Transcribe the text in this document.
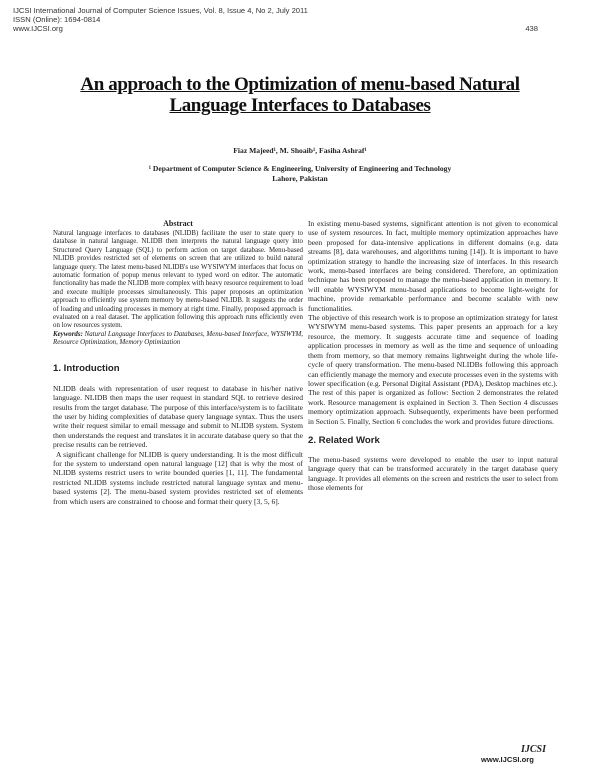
IJCSI International Journal of Computer Science Issues, Vol. 8, Issue 4, No 2, July 2011
ISSN (Online): 1694-0814
www.IJCSI.org	438
An approach to the Optimization of menu-based Natural
Language Interfaces to Databases
Fiaz Majeed¹, M. Shoaib¹, Fasiha Ashraf¹
¹ Department of Computer Science & Engineering, University of Engineering and Technology
Lahore, Pakistan
Abstract

Natural language interfaces to databases (NLIDB) facilitate the user to state query to database in natural language. NLIDB then interprets the natural language query into Structured Query Language (SQL) to perform action on target database. Menu-based NLIDB provides restricted set of elements on screen that are utilized to build natural language query. The latest menu-based NLIDB's use WYSIWYM interfaces that focus on automatic formation of popup menus relevant to typed word on editor. The automatic functionality has made the NLIDB more complex with heavy resource requirement to load and execute multiple processes simultaneously. This paper proposes an optimization approach to efficiently use system memory by menu-based NLIDB. It suggests the order of loading and unloading processes in memory at right time. Finally, proposed approach is evaluated on a real dataset. The application following this approach runs efficiently even on low resources system.

Keywords: Natural Language Interfaces to Databases, Menu-based Interface, WYSIWYM, Resource Optimization, Memory Optimization

1. Introduction

NLIDB deals with representation of user request to database in his/her native language. NLIDB then maps the user request in standard SQL to retrieve desired results from the target database. The purpose of this interface/system is to facilitate the user by hiding complexities of database query language syntax. Thus the users write their request similar to email message and submit to NLIDB system. System then understands the request and translates it in accurate database query so that the precise results can be retrieved.

A significant challenge for NLIDB is query understanding. It is the most difficult for the system to understand open natural language [12] that is why the most of NLIDB systems restrict users to write bounded queries [1, 11]. The fundamental restricted NLIDB systems include restricted natural language syntax and menu-based systems [2]. The menu-based system provides restricted set of elements from which users are constrained to choose and format their query [3, 5, 6].

In existing menu-based systems, significant attention is not given to economical use of system resources. In fact, multiple memory optimization approaches have been proposed for data-intensive applications in different domains (e.g. data streams [8], data warehouses, and algorithms tuning [14]). It is important to have optimization strategy to handle the increasing size of interfaces. In this research work, menu-based interfaces are being considered. Therefore, an optimization technique has been proposed to manage the menu-based application in memory. It will enable WYSIWYM menu-based applications to become light-weight for machine, provide remarkable performance and become scalable with new functionalities.

The objective of this research work is to propose an optimization strategy for latest WYSIWYM menu-based systems. This paper presents an approach for a key resource, the memory. It suggests accurate time and sequence of loading application processes in memory as well as the time and sequence of unloading them from memory, so that memory remains lightweight during the whole life-cycle of query transformation. The menu-based NLIDBs following this approach can efficiently manage the memory and execute processes even in the systems with lower specification (e.g. Personal Digital Assistant (PDA), Desktop machines etc.).

The rest of this paper is organized as follow: Section 2 demonstrates the related work. Resource management is explained in Section 3. Then Section 4 discusses memory optimization approach. Subsequently, experiments have been performed in Section 5. Finally, Section 6 concludes the work and provides future directions.

2. Related Work

The menu-based systems were developed to enable the user to input natural language query that can be transformed accurately in the target database query language. It provides all elements on the screen and restricts the user to select from those elements for

IJCSI
www.IJCSI.org
